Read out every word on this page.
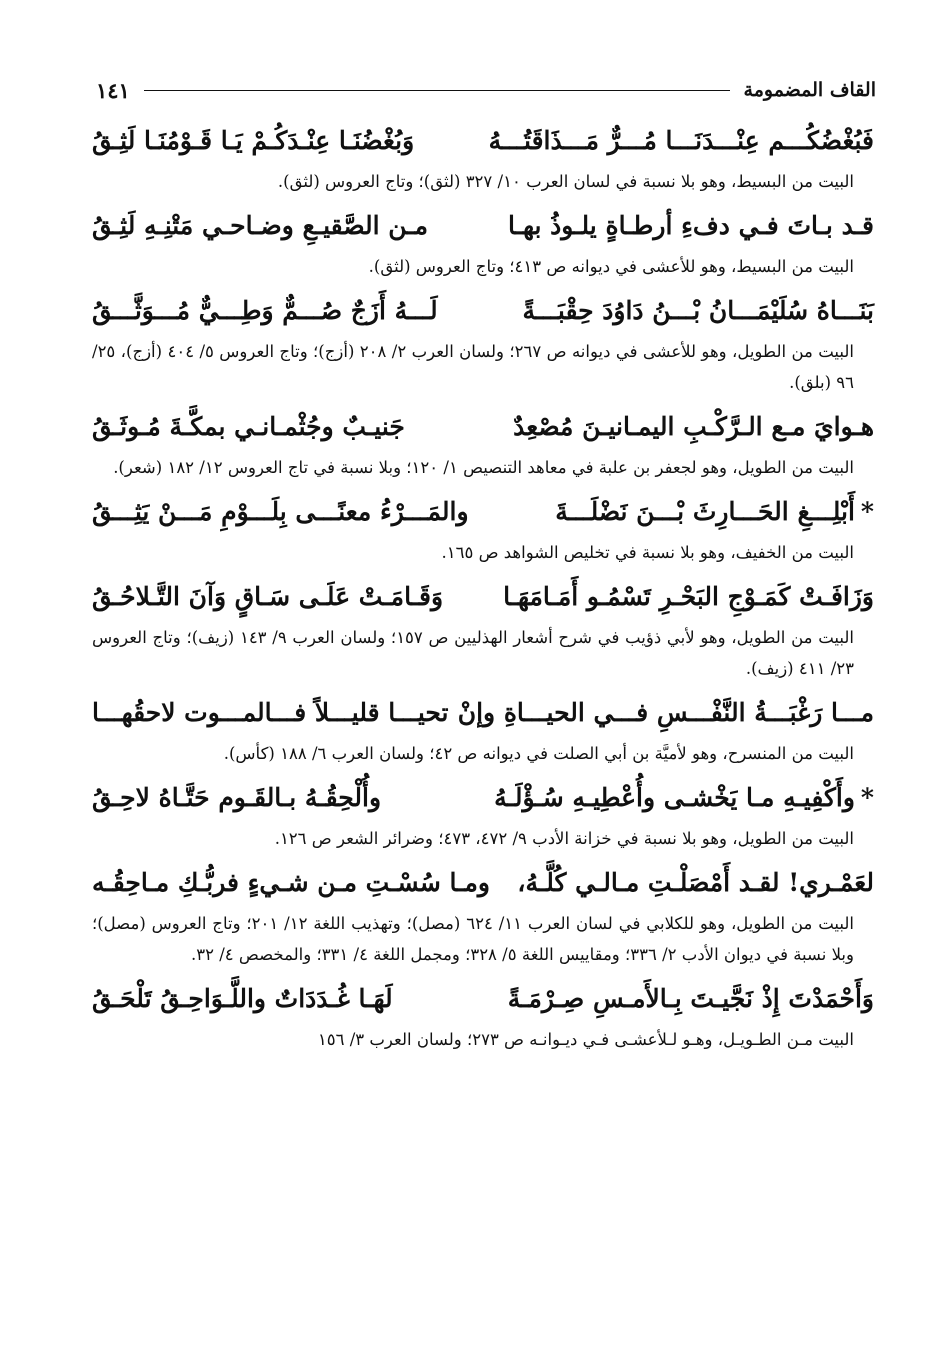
القاف المضمومة
١٤١
فَبُغْضُكُـــم عِنْـــدَنَـــا مُـــرٌّ مَـــذَاقَتُـــهُ
وَبُغْضُنَـا عِنْـدَكُـمْ يَـا قَـوْمُنَـا لَثِـقُ
البيت من البسيط، وهو بلا نسبة في لسان العرب ١٠/ ٣٢٧ (لثق)؛ وتاج العروس (لثق).
قـد بـاتَ فـي دفءِ أرطـاةٍ يلـوذُ بهـا
مـن الصَّقيـعِ وضـاحـي مَتْنِـهِ لَثِـقُ
البيت من البسيط، وهو للأعشى في ديوانه ص ٤١٣؛ وتاج العروس (لثق).
بَنَـــاهُ سُلَيْمَـــانُ بْـــنُ دَاوُدَ حِقْبَـــةً
لَـــهُ أَزَجٌ صُـــمٌّ وَطِـــيٌّ مُـــوَثَّـــقُ
البيت من الطويل، وهو للأعشى في ديوانه ص ٢٦٧؛ ولسان العرب ٢/ ٢٠٨ (أزج)؛ وتاج العروس ٥/ ٤٠٤ (أزج)، ٢٥/ ٩٦ (بلق).
هـوايَ مـع الـرَّكْـبِ اليمـانيـنَ مُصْعِدٌ
جَنيـبٌ وجُثْمـانـي بمكَّـةَ مُـوثَـقُ
البيت من الطويل، وهو لجعفر بن علبة في معاهد التنصيص ١/ ١٢٠؛ وبلا نسبة في تاج العروس ١٢/ ١٨٢ (شعر).
*أَبْلِـــغِ الحَـــارِثَ بْـــنَ نَضْلَـــةَ
والمَـــرْءُ معنًـــى بِلَـــوْمِ مَـــنْ يَثِـــقُ
البيت من الخفيف، وهو بلا نسبة في تخليص الشواهد ص ١٦٥.
وَزَافَـتْ كَمَـوْجِ البَحْـرِ تَسْمُـو أَمَـامَهَـا
وَقَـامَـتْ عَلَـى سَـاقٍ وَآنَ التَّـلاحُـقُ
البيت من الطويل، وهو لأبي ذؤيب في شرح أشعار الهذليين ص ١٥٧؛ ولسان العرب ٩/ ١٤٣ (زيف)؛ وتاج العروس ٢٣/ ٤١١ (زيف).
مـــا رَغْبَـــةُ النَّفْـــسِ فـــي الحيـــاةِ وإنْ
تحيـــا قليـــلاً فـــالمـــوت لاحقُهـــا
البيت من المنسرح، وهو لأميَّة بن أبي الصلت في ديوانه ص ٤٢؛ ولسان العرب ٦/ ١٨٨ (كأس).
*وأَكْفِيـهِ مـا يَخْشـى وأُعْطِيـهِ سُـؤْلَـهُ
وأُلْحِقُـهُ بـالقَـوم حَتَّـاهُ لاحِـقُ
البيت من الطويل، وهو بلا نسبة في خزانة الأدب ٩/ ٤٧٢، ٤٧٣؛ وضرائر الشعر ص ١٢٦.
لعَمْـري! لقـد أَمْصَلْـتِ مـالـي كُلَّـهُ،
ومـا سُسْـتِ مـن شـيءٍ فربُّـكِ مـاحِقُـه
البيت من الطويل، وهو للكلابي في لسان العرب ١١/ ٦٢٤ (مصل)؛ وتهذيب اللغة ١٢/ ٢٠١؛ وتاج العروس (مصل)؛ وبلا نسبة في ديوان الأدب ٢/ ٣٣٦؛ ومقاييس اللغة ٥/ ٣٢٨؛ ومجمل اللغة ٤/ ٣٣١؛ والمخصص ٤/ ٣٢.
وَأَحْمَدْتَ إِذْ نَجَّيـتَ بِـالأَمـسِ صِـرْمَـةً
لَهَـا غُـدَدَاتٌ واللَّـوَاحِـقُ تَلْحَـقُ
البيت مـن الطـويـل، وهـو لـلأعشـى فـي ديـوانـه ص ٢٧٣؛ ولسان العرب ٣/ ١٥٦
